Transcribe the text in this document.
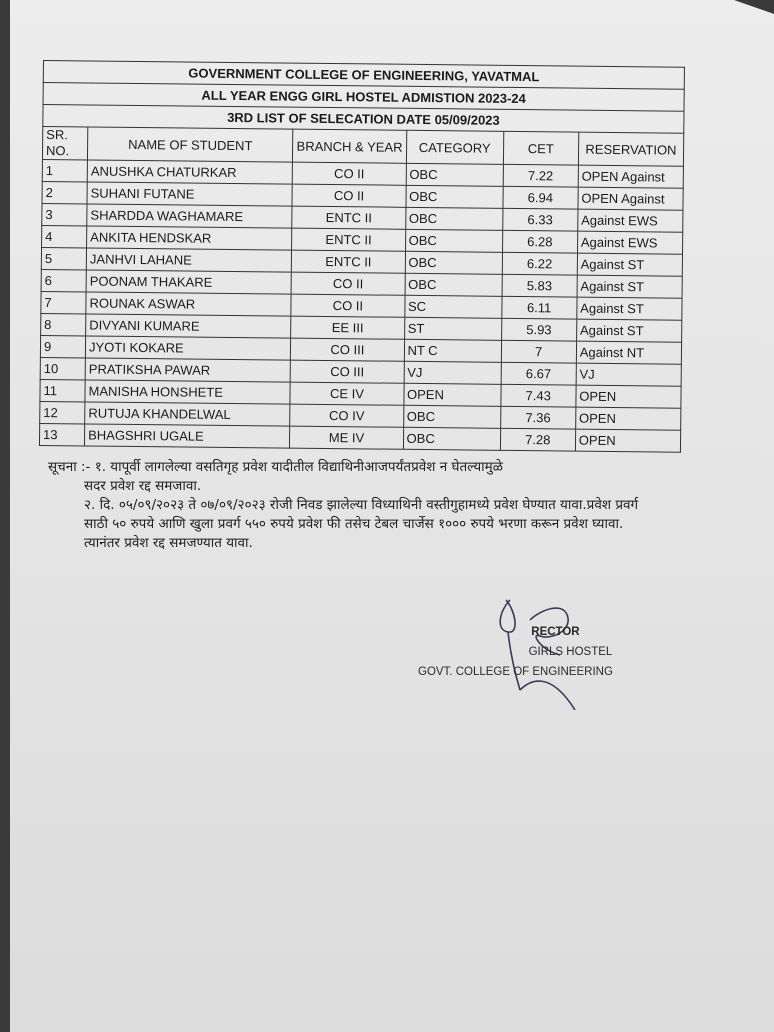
GOVERNMENT COLLEGE OF ENGINEERING, YAVATMAL					
ALL YEAR ENGG GIRL HOSTEL ADMISTION 2023-24					
3RD LIST OF SELECATION DATE 05/09/2023					
SR. NO.	NAME OF STUDENT	BRANCH & YEAR	CATEGORY	CET	RESERVATION
1	ANUSHKA CHATURKAR	CO II	OBC	7.22	OPEN Against
2	SUHANI FUTANE	CO II	OBC	6.94	OPEN Against
3	SHARDDA WAGHAMARE	ENTC II	OBC	6.33	Against EWS
4	ANKITA HENDSKAR	ENTC II	OBC	6.28	Against EWS
5	JANHVI LAHANE	ENTC II	OBC	6.22	Against ST
6	POONAM THAKARE	CO II	OBC	5.83	Against ST
7	ROUNAK ASWAR	CO II	SC	6.11	Against ST
8	DIVYANI KUMARE	EE III	ST	5.93	Against ST
9	JYOTI KOKARE	CO III	NT C	7	Against NT
10	PRATIKSHA PAWAR	CO III	VJ	6.67	VJ
11	MANISHA HONSHETE	CE IV	OPEN	7.43	OPEN
12	RUTUJA KHANDELWAL	CO IV	OBC	7.36	OPEN
13	BHAGSHRI UGALE	ME IV	OBC	7.28	OPEN

सूचना :- १. यापूर्वी लागलेल्या वसतिगृह प्रवेश यादीतील विद्याथिनीआजपर्यंतप्रवेश न घेतल्यामुळे

सदर प्रवेश रद्द समजावा.

२. दि. ०५/०९/२०२३ ते ०७/०९/२०२३ रोजी निवड झालेल्या विध्याथिनी वस्तीगुहामध्ये प्रवेश घेण्यात यावा.प्रवेश प्रवर्ग साठी ५० रुपये आणि खुला प्रवर्ग ५५० रुपये प्रवेश फी तसेच टेबल चार्जेस १००० रुपये भरणा करून प्रवेश घ्यावा. त्यानंतर प्रवेश रद्द समजण्यात यावा.

RECTOR
GIRLS HOSTEL
GOVT. COLLEGE OF ENGINEERING
